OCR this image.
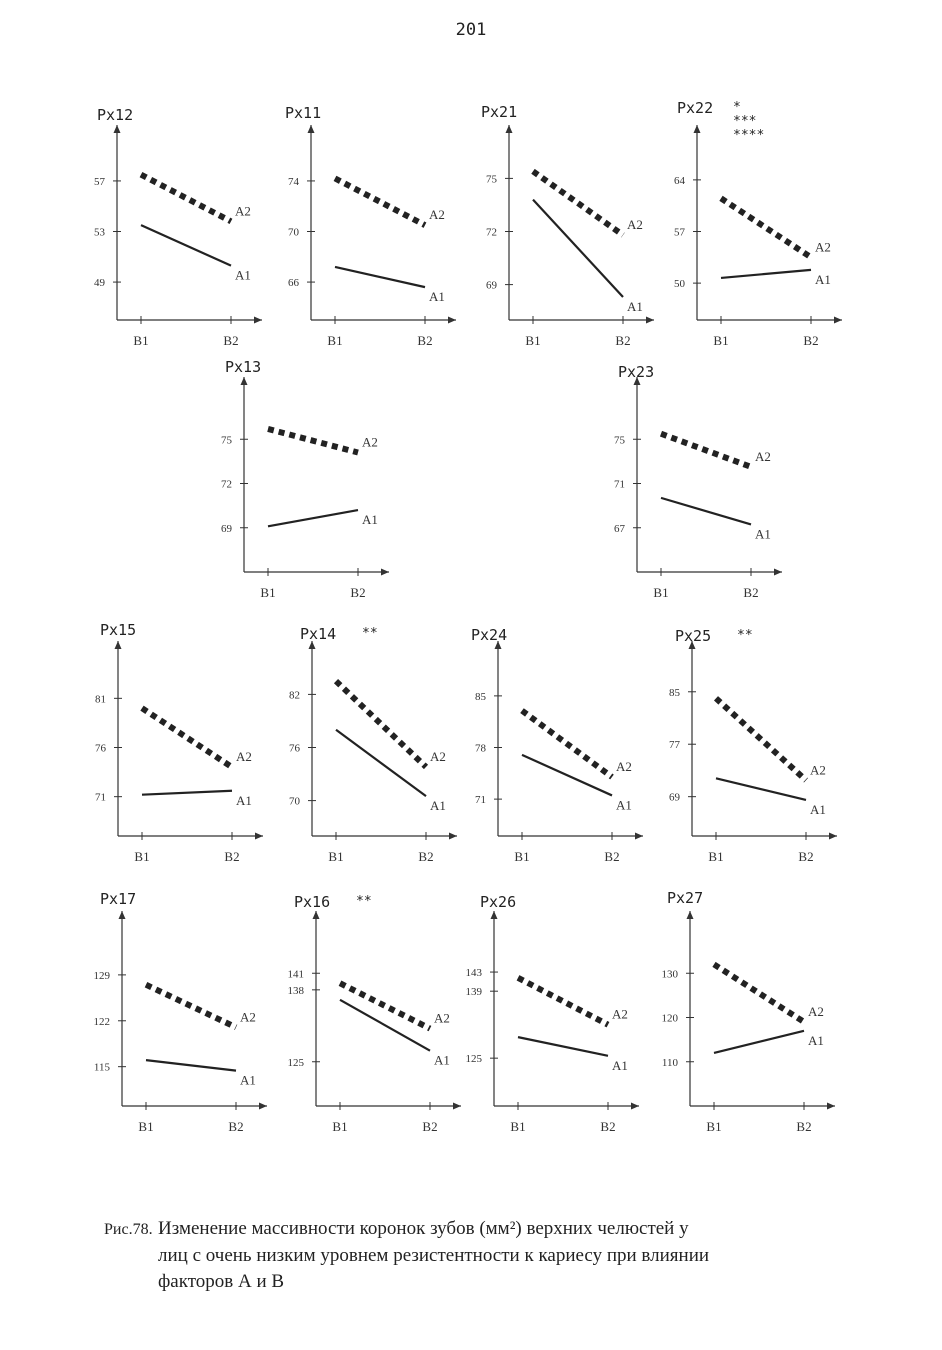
201
Px12
49
53
57
B1	B2
A2
A1
Px11
66
70
74
B1	B2
A2
A1
Px21
69
72
75
B1	B2
A2
A1
Px22 *
***
****
50
57
64
B1	B2
A2
A1
Px13
69
72
75
B1	B2
A2
A1
Px23
67
71
75
B1	B2
A2
A1
Px15
71
76
81
B1	B2
A2
A1
Px14 **
70
76
82
B1	B2
A2
A1
Px24
71
78
85
B1	B2
A2
A1
Px25 **
69
77
85
B1	B2
A2
A1
Px17
115
122
129
B1	B2
A2
A1
Px16 **
125
138
141
B1	B2
A2
A1
Px26
125
139
143
B1	B2
A2
A1
Px27
110
120
130
B1	B2
A2
A1
Рис.78. Изменение массивности коронок зубов (мм²) верхних челюстей у
лиц с очень низким уровнем резистентности к кариесу при влиянии
факторов А и В
